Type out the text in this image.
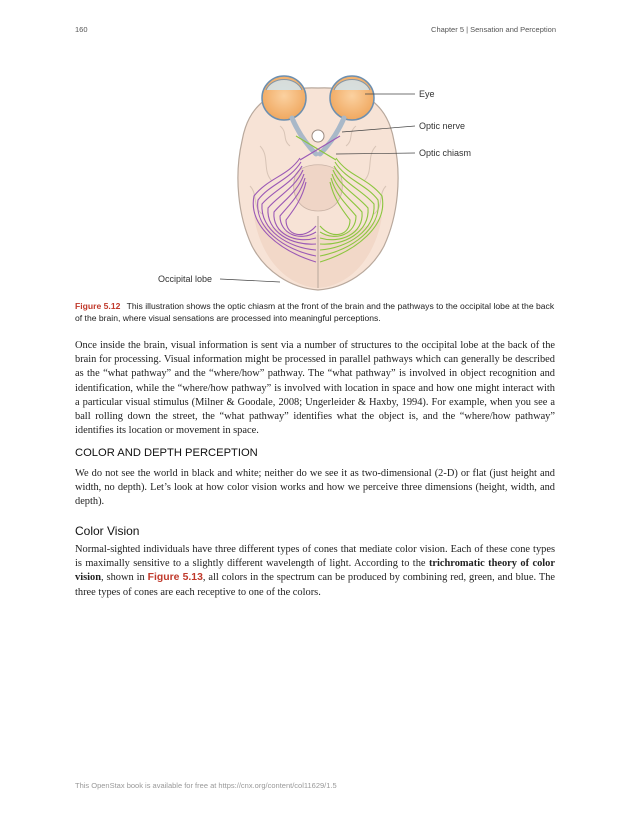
160	Chapter 5 | Sensation and Perception
Eye
Optic nerve
Optic chiasm
Occipital lobe
Figure 5.12 This illustration shows the optic chiasm at the front of the brain and the pathways to the occipital lobe at the back of the brain, where visual sensations are processed into meaningful perceptions.

Once inside the brain, visual information is sent via a number of structures to the occipital lobe at the back of the brain for processing. Visual information might be processed in parallel pathways which can generally be described as the “what pathway” and the “where/how” pathway. The “what pathway” is involved in object recognition and identification, while the “where/how pathway” is involved with location in space and how one might interact with a particular visual stimulus (Milner & Goodale, 2008; Ungerleider & Haxby, 1994). For example, when you see a ball rolling down the street, the “what pathway” identifies what the object is, and the “where/how pathway” identifies its location or movement in space.

COLOR AND DEPTH PERCEPTION

We do not see the world in black and white; neither do we see it as two-dimensional (2-D) or flat (just height and width, no depth). Let’s look at how color vision works and how we perceive three dimensions (height, width, and depth).

Color Vision

Normal-sighted individuals have three different types of cones that mediate color vision. Each of these cone types is maximally sensitive to a slightly different wavelength of light. According to the trichromatic theory of color vision, shown in Figure 5.13, all colors in the spectrum can be produced by combining red, green, and blue. The three types of cones are each receptive to one of the colors.

This OpenStax book is available for free at https://cnx.org/content/col11629/1.5
